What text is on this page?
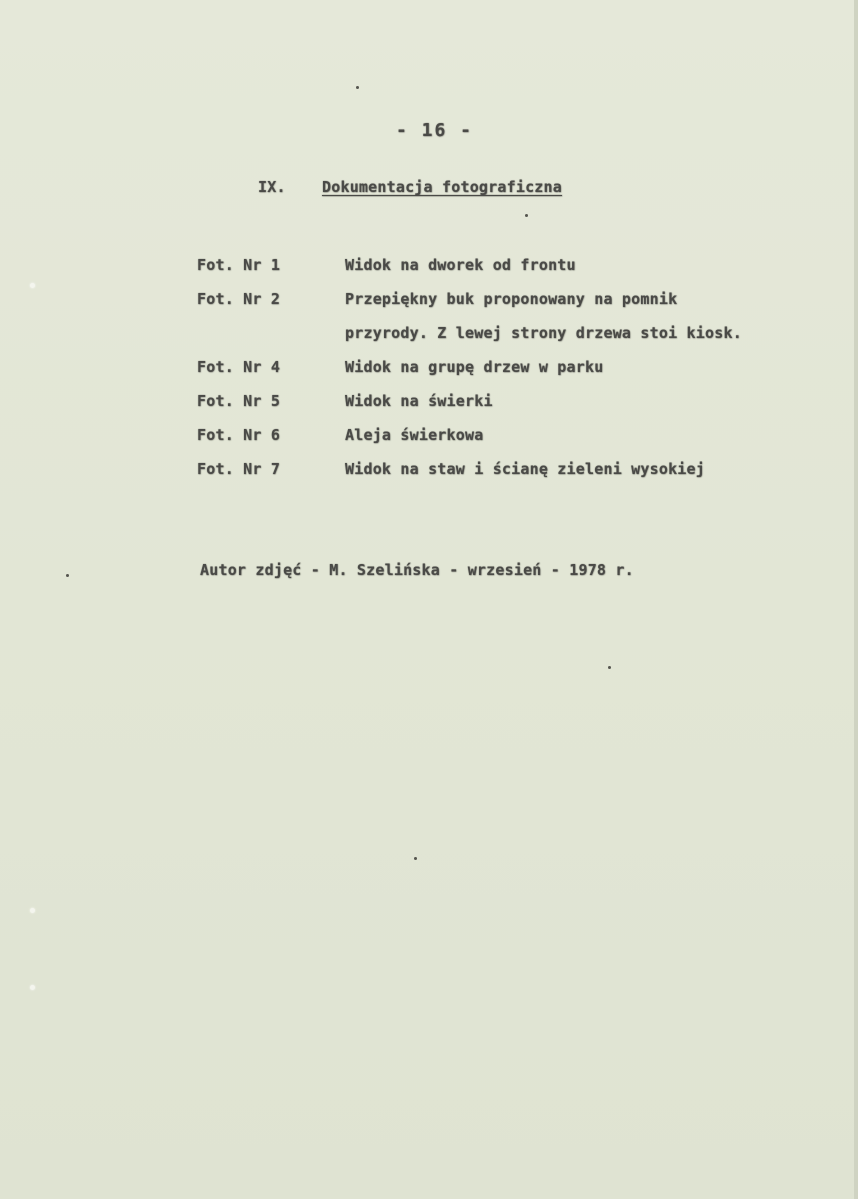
- 16 -
IX. Dokumentacja fotograficzna
Fot. Nr 1	Widok na dworek od frontu
Fot. Nr 2	Przepiękny buk proponowany na pomnik
przyrody. Z lewej strony drzewa stoi kiosk.
Fot. Nr 4	Widok na grupę drzew w parku
Fot. Nr 5	Widok na świerki
Fot. Nr 6	Aleja świerkowa
Fot. Nr 7	Widok na staw i ścianę zieleni wysokiej
Autor zdjęć - M. Szelińska - wrzesień - 1978 r.
